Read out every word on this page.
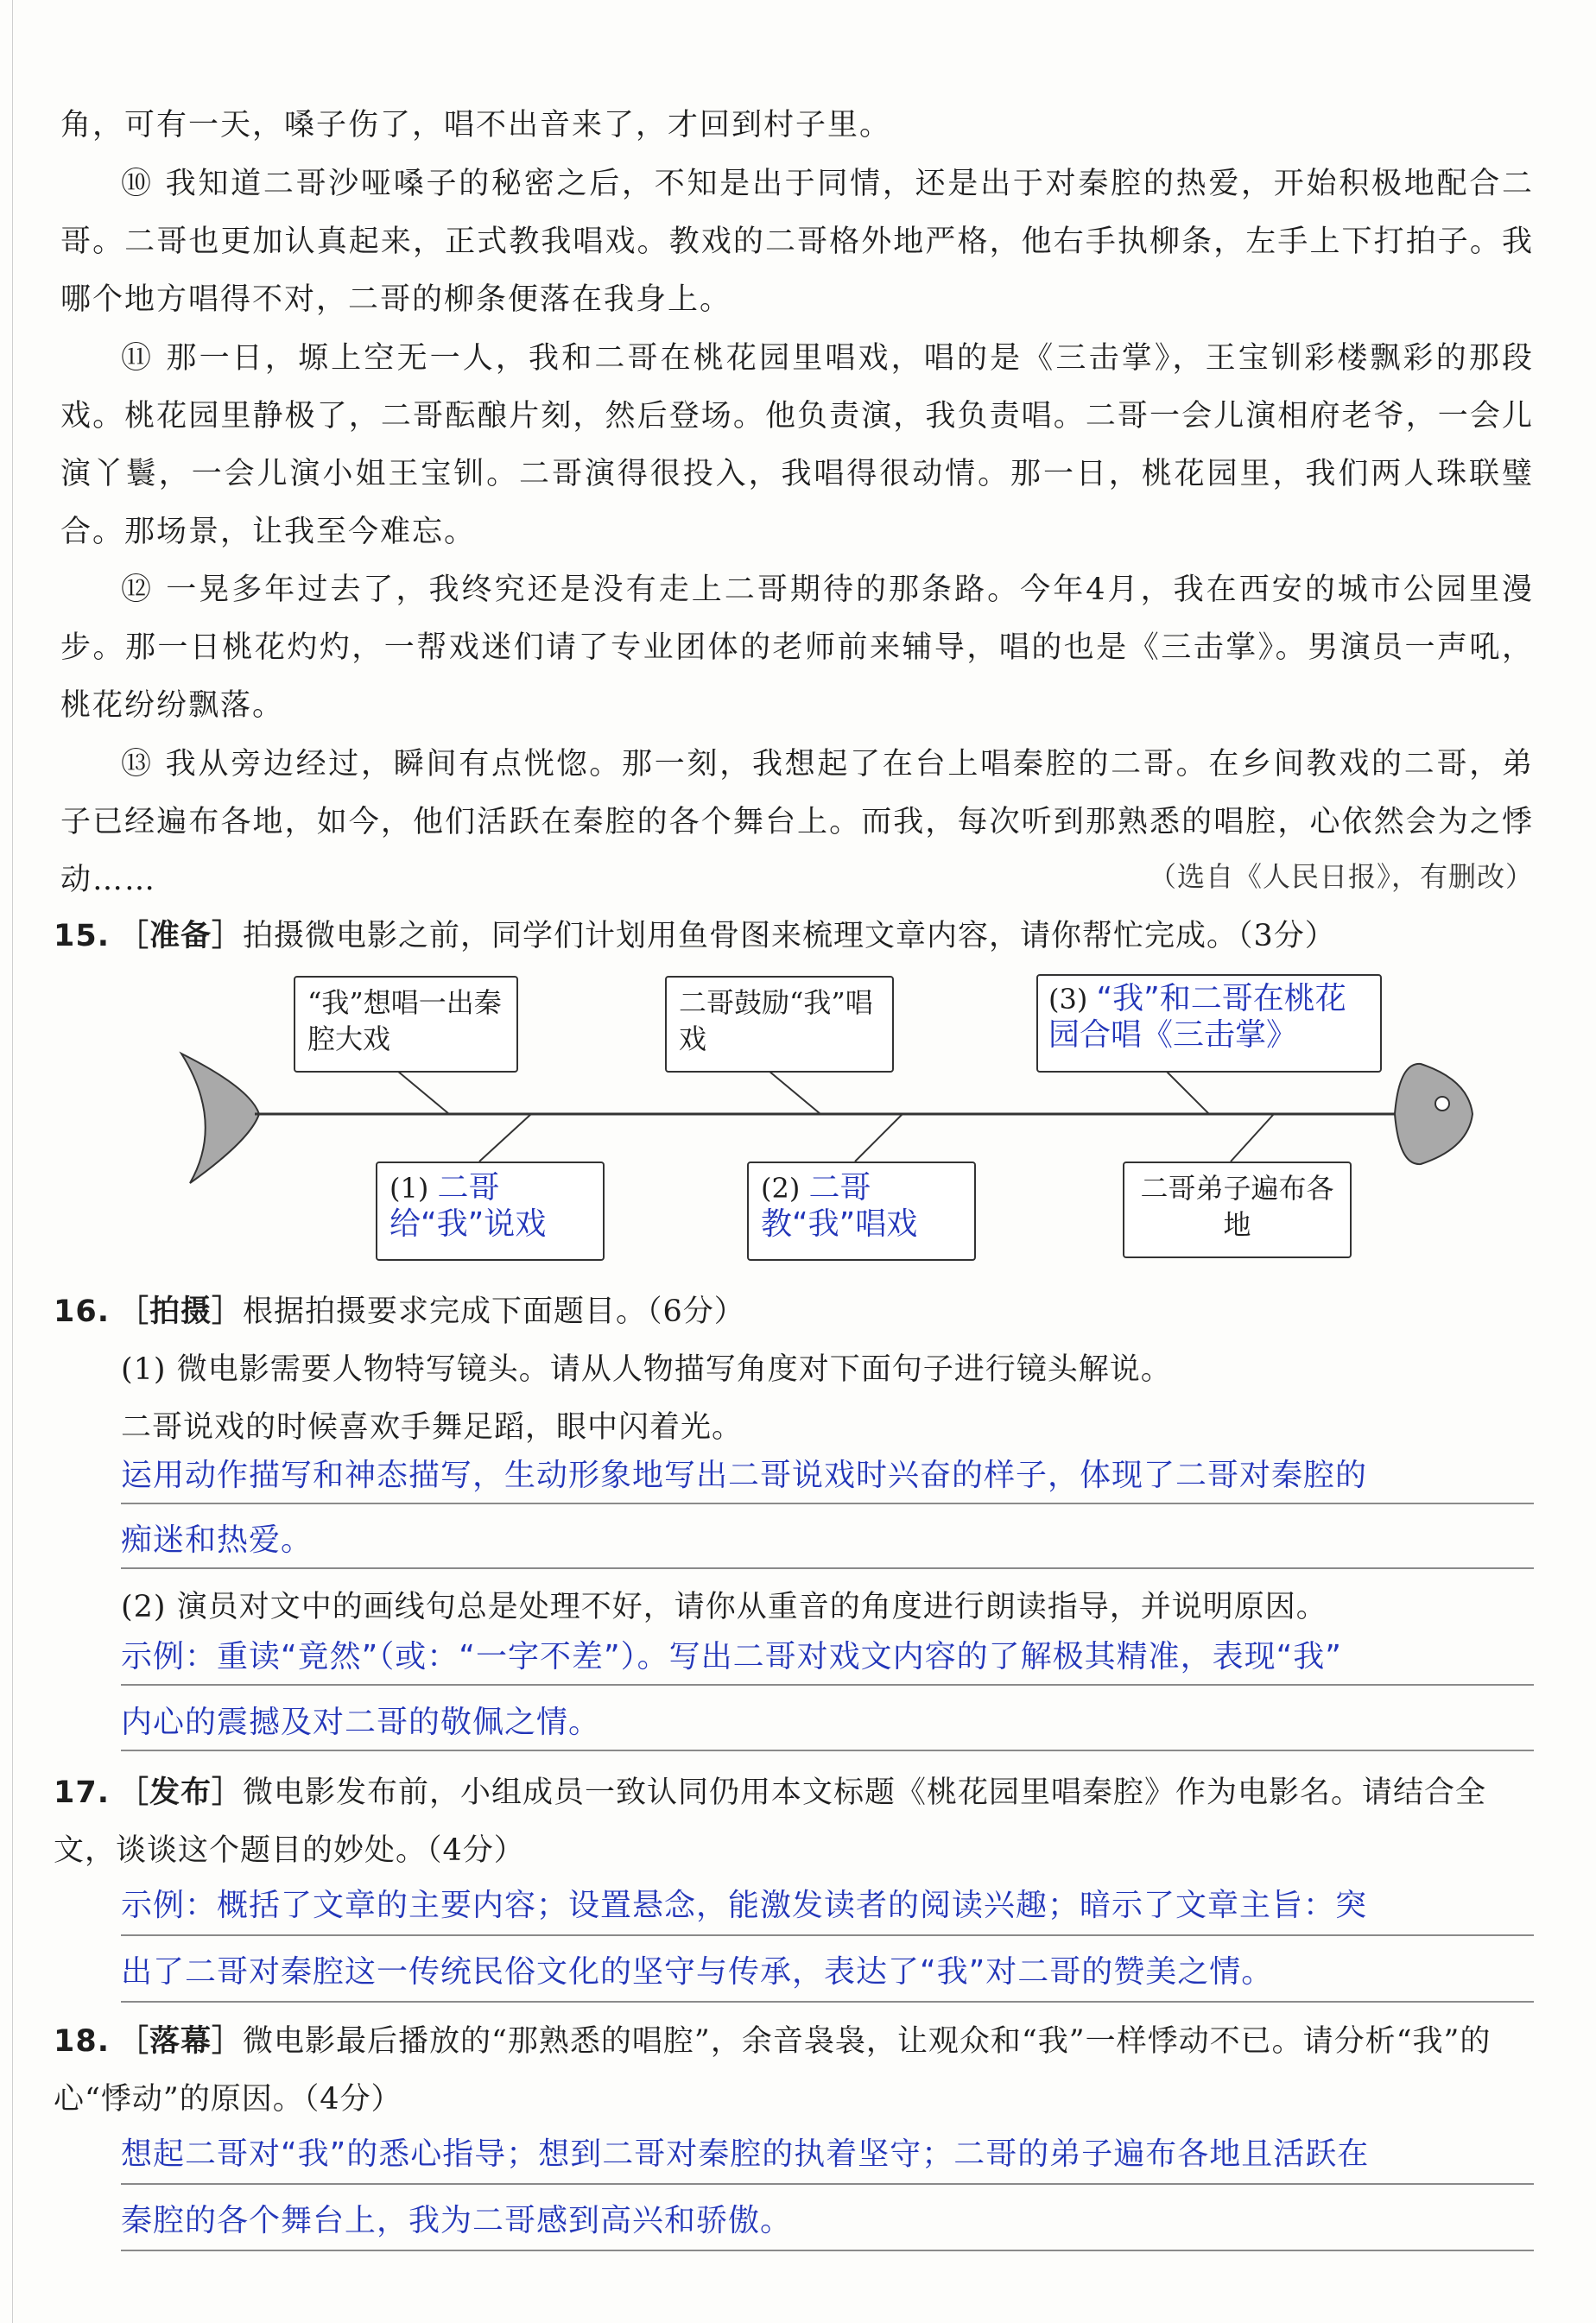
角，可有一天，嗓子伤了，唱不出音来了，才回到村子里。

⑩ 我知道二哥沙哑嗓子的秘密之后，不知是出于同情，还是出于对秦腔的热爱，开始积极地配合二哥。二哥也更加认真起来，正式教我唱戏。教戏的二哥格外地严格，他右手执柳条，左手上下打拍子。我哪个地方唱得不对，二哥的柳条便落在我身上。

⑪ 那一日，塬上空无一人，我和二哥在桃花园里唱戏，唱的是《三击掌》，王宝钏彩楼飘彩的那段戏。桃花园里静极了，二哥酝酿片刻，然后登场。他负责演，我负责唱。二哥一会儿演相府老爷，一会儿演丫鬟，一会儿演小姐王宝钏。二哥演得很投入，我唱得很动情。那一日，桃花园里，我们两人珠联璧合。那场景，让我至今难忘。

⑫ 一晃多年过去了，我终究还是没有走上二哥期待的那条路。今年4月，我在西安的城市公园里漫步。那一日桃花灼灼，一帮戏迷们请了专业团体的老师前来辅导，唱的也是《三击掌》。男演员一声吼，桃花纷纷飘落。

⑬ 我从旁边经过，瞬间有点恍惚。那一刻，我想起了在台上唱秦腔的二哥。在乡间教戏的二哥，弟子已经遍布各地，如今，他们活跃在秦腔的各个舞台上。而我，每次听到那熟悉的唱腔，心依然会为之悸动……	（选自《人民日报》，有删改）
15. ［准备］拍摄微电影之前，同学们计划用鱼骨图来梳理文章内容，请你帮忙完成。（3分）
“我”想唱一出秦腔大戏
二哥鼓励“我”唱戏
(3) “我”和二哥在桃花园合唱《三击掌》
(1) 二哥给“我”说戏
(2) 二哥教“我”唱戏
二哥弟子遍布各地
16. ［拍摄］根据拍摄要求完成下面题目。（6分）
(1) 微电影需要人物特写镜头。请从人物描写角度对下面句子进行镜头解说。
二哥说戏的时候喜欢手舞足蹈，眼中闪着光。
运用动作描写和神态描写，生动形象地写出二哥说戏时兴奋的样子，体现了二哥对秦腔的
痴迷和热爱。
(2) 演员对文中的画线句总是处理不好，请你从重音的角度进行朗读指导，并说明原因。
示例：重读“竟然”（或：“一字不差”）。写出二哥对戏文内容的了解极其精准，表现“我”
内心的震撼及对二哥的敬佩之情。
17. ［发布］微电影发布前，小组成员一致认同仍用本文标题《桃花园里唱秦腔》作为电影名。请结合全文，谈谈这个题目的妙处。（4分）
示例：概括了文章的主要内容；设置悬念，能激发读者的阅读兴趣；暗示了文章主旨：突
出了二哥对秦腔这一传统民俗文化的坚守与传承，表达了“我”对二哥的赞美之情。
18. ［落幕］微电影最后播放的“那熟悉的唱腔”，余音袅袅，让观众和“我”一样悸动不已。请分析“我”的心“悸动”的原因。（4分）
想起二哥对“我”的悉心指导；想到二哥对秦腔的执着坚守；二哥的弟子遍布各地且活跃在
秦腔的各个舞台上，我为二哥感到高兴和骄傲。
